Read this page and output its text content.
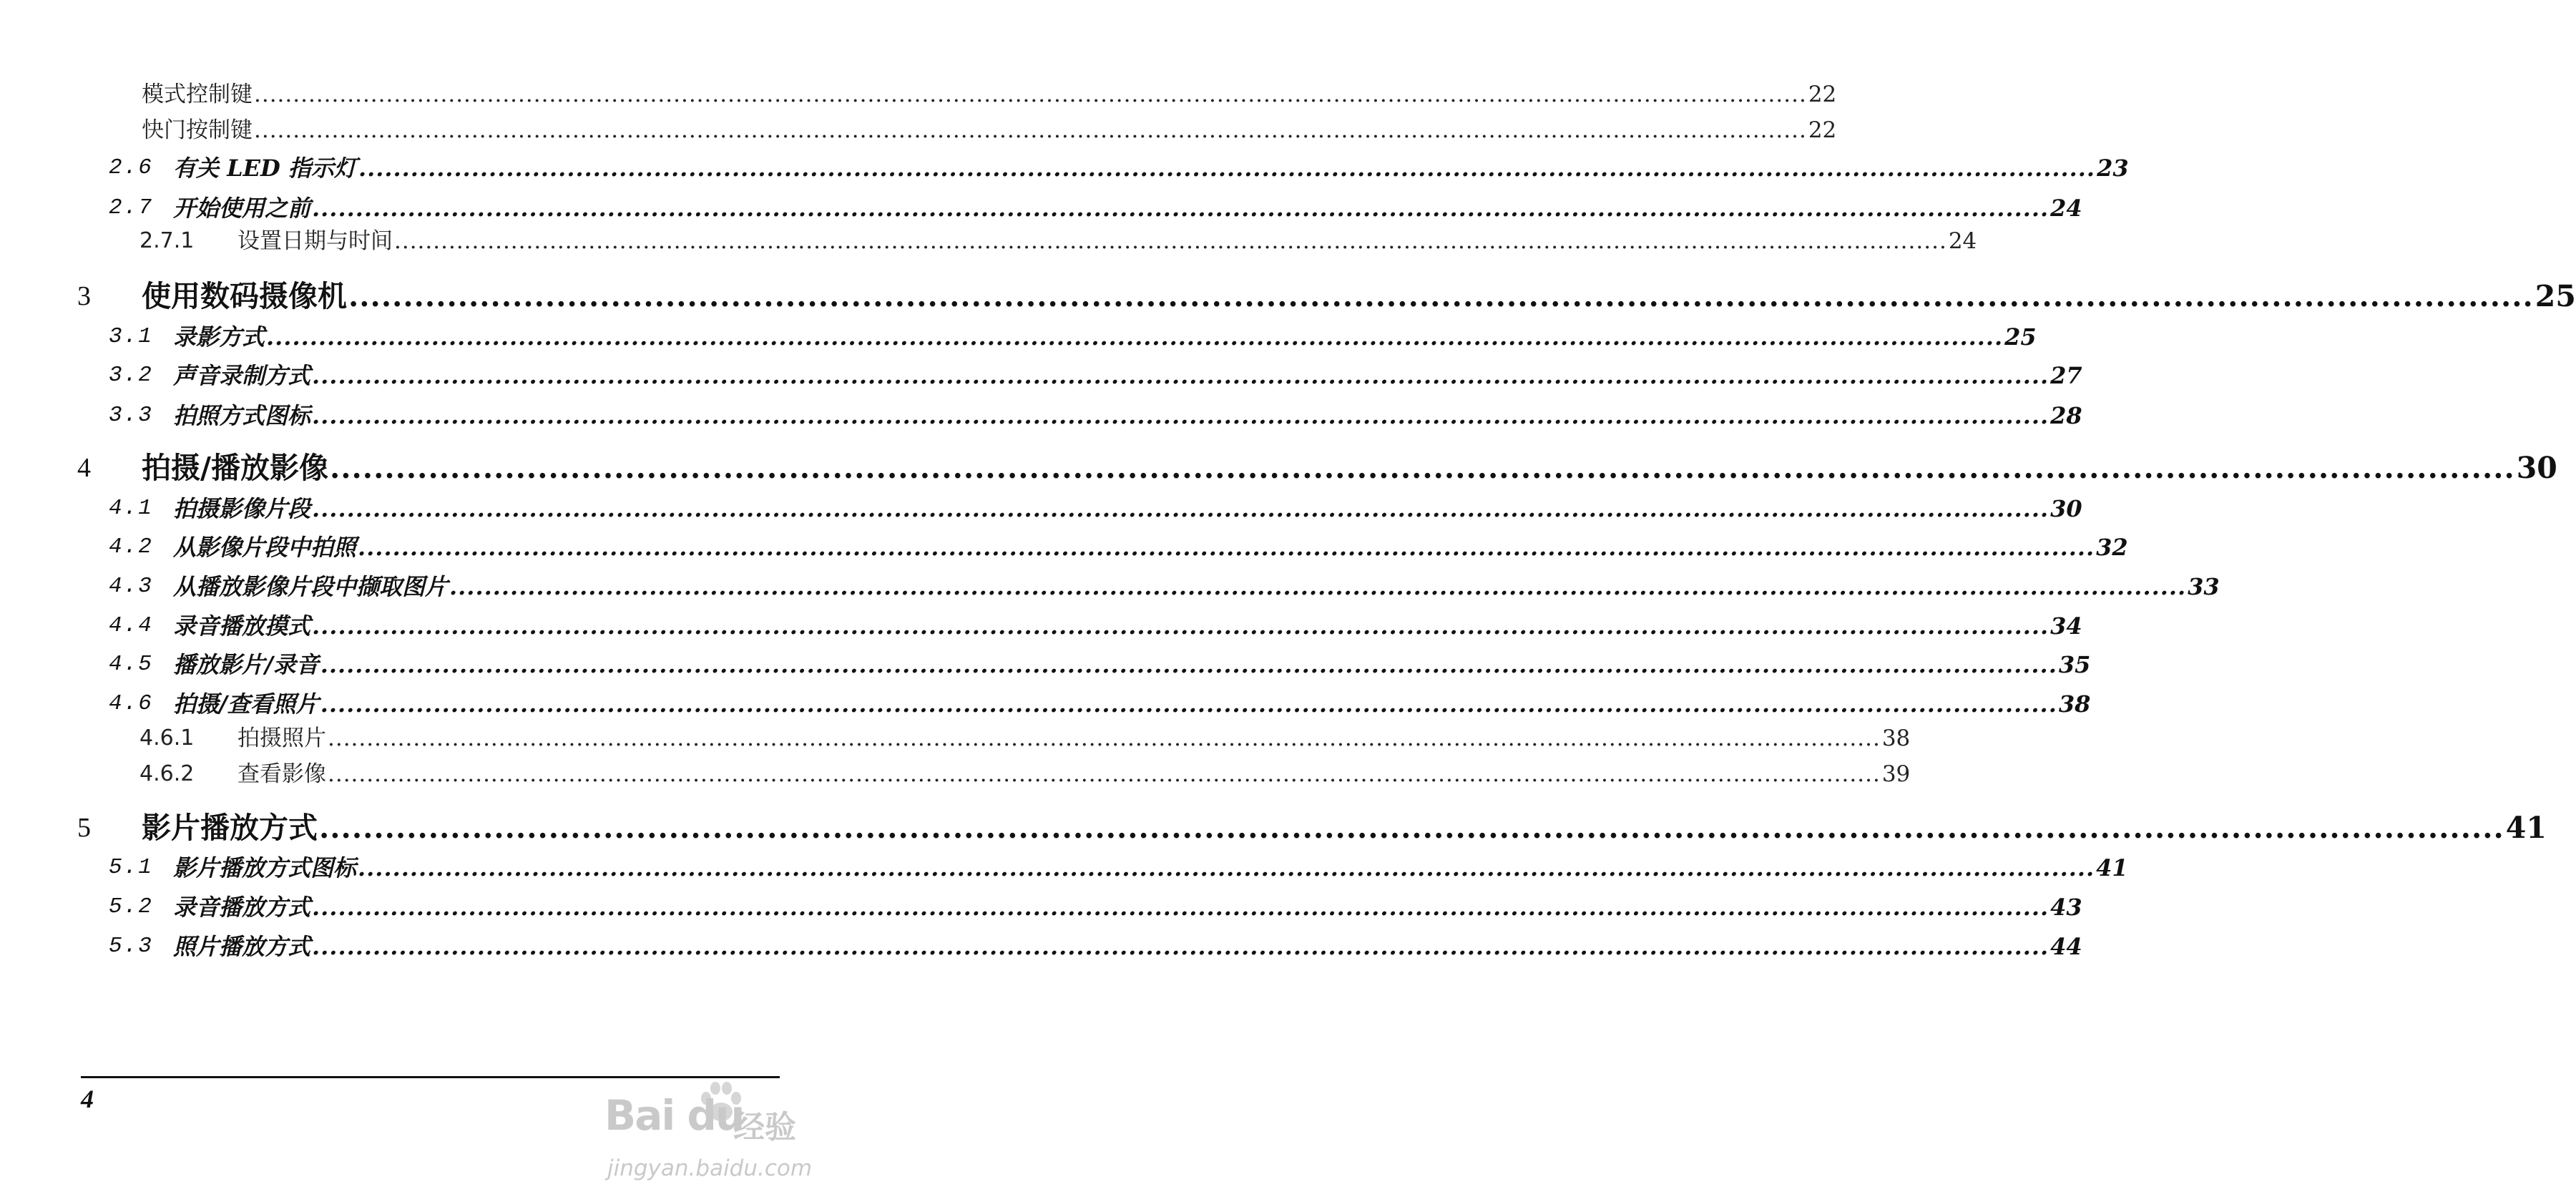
模式控制键 ........................................................................................................................................................................................................ 22
快门按制键 ........................................................................................................................................................................................................ 22
2.6 有关 LED 指示灯 ........................................................................................................................................................................................................ 23
2.7 开始使用之前 ........................................................................................................................................................................................................ 24
2.7.1 设置日期与时间 ........................................................................................................................................................................................................ 24
3 使用数码摄像机 ........................................................................................................................................................................................................ 25
3.1 录影方式 ........................................................................................................................................................................................................ 25
3.2 声音录制方式 ........................................................................................................................................................................................................ 27
3.3 拍照方式图标 ........................................................................................................................................................................................................ 28
4 拍摄/播放影像 ........................................................................................................................................................................................................ 30
4.1 拍摄影像片段 ........................................................................................................................................................................................................ 30
4.2 从影像片段中拍照 ........................................................................................................................................................................................................ 32
4.3 从播放影像片段中撷取图片 ........................................................................................................................................................................................................ 33
4.4 录音播放摸式 ........................................................................................................................................................................................................ 34
4.5 播放影片/录音 ........................................................................................................................................................................................................ 35
4.6 拍摄/查看照片 ........................................................................................................................................................................................................ 38
4.6.1 拍摄照片 ........................................................................................................................................................................................................ 38
4.6.2 查看影像 ........................................................................................................................................................................................................ 39
5 影片播放方式 ........................................................................................................................................................................................................ 41
5.1 影片播放方式图标 ........................................................................................................................................................................................................ 41
5.2 录音播放方式 ........................................................................................................................................................................................................ 43
5.3 照片播放方式 ........................................................................................................................................................................................................ 44
4	Bai du
经验
jingyan.baidu.com
